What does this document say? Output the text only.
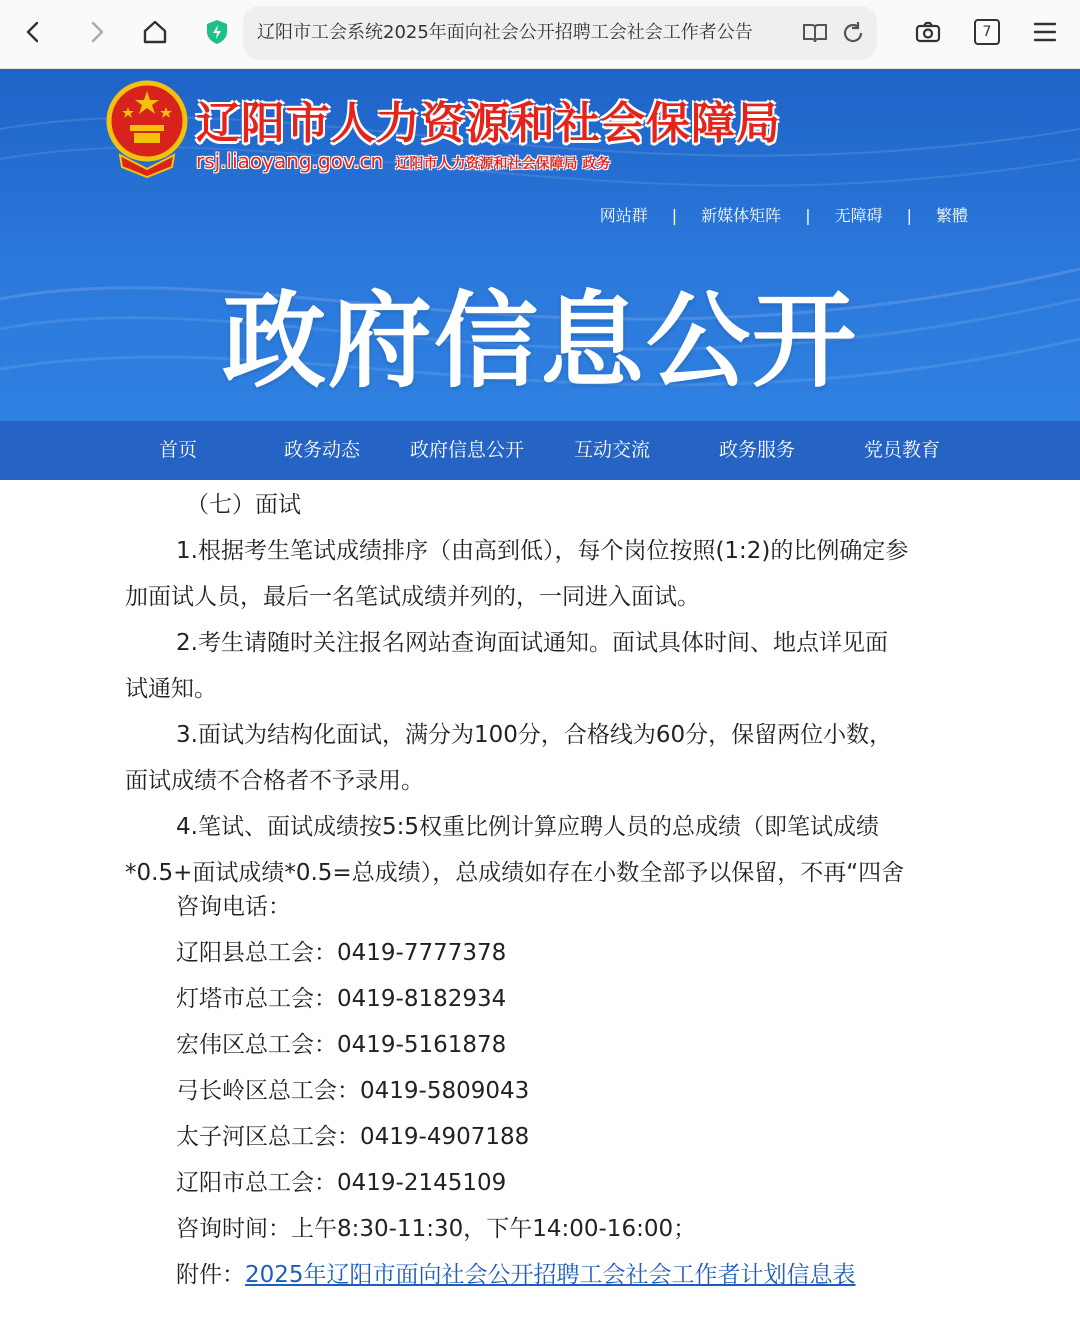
辽阳市工会系统2025年面向社会公开招聘工会社会工作者公告	7
辽阳市人力资源和社会保障局
rsj.liaoyang.gov.cn 辽阳市人力资源和社会保障局 政务
网站群 | 新媒体矩阵 | 无障碍 | 繁體
政府信息公开
首页	政务动态	政府信息公开	互动交流	政务服务	党员教育
（七）面试
1.根据考生笔试成绩排序（由高到低），每个岗位按照(1:2)的比例确定参
加面试人员，最后一名笔试成绩并列的，一同进入面试。
2.考生请随时关注报名网站查询面试通知。面试具体时间、地点详见面
试通知。
3.面试为结构化面试，满分为100分，合格线为60分，保留两位小数，
面试成绩不合格者不予录用。
4.笔试、面试成绩按5:5权重比例计算应聘人员的总成绩（即笔试成绩
*0.5+面试成绩*0.5=总成绩），总成绩如存在小数全部予以保留，不再“四舍
咨询电话：
辽阳县总工会：0419-7777378
灯塔市总工会：0419-8182934
宏伟区总工会：0419-5161878
弓长岭区总工会：0419-5809043
太子河区总工会：0419-4907188
辽阳市总工会：0419-2145109
咨询时间：上午8:30-11:30，下午14:00-16:00；
附件：2025年辽阳市面向社会公开招聘工会社会工作者计划信息表
